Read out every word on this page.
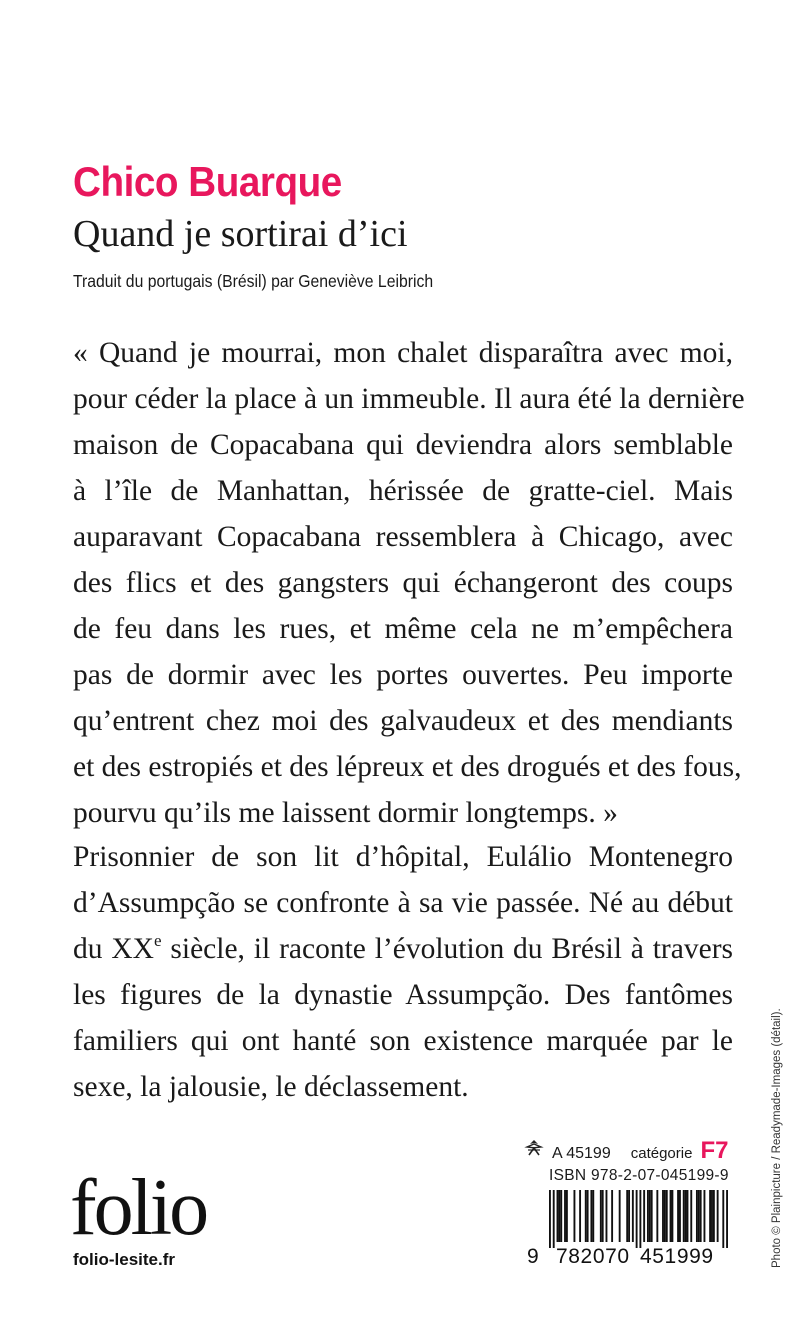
Chico Buarque
Quand je sortirai d’ici
Traduit du portugais (Brésil) par Geneviève Leibrich
« Quand je mourrai, mon chalet disparaîtra avec moi,
pour céder la place à un immeuble. Il aura été la dernière
maison de Copacabana qui deviendra alors semblable
à l’île de Manhattan, hérissée de gratte-ciel. Mais
auparavant Copacabana ressemblera à Chicago, avec
des flics et des gangsters qui échangeront des coups
de feu dans les rues, et même cela ne m’empêchera
pas de dormir avec les portes ouvertes. Peu importe
qu’entrent chez moi des galvaudeux et des mendiants
et des estropiés et des lépreux et des drogués et des fous,
pourvu qu’ils me laissent dormir longtemps. »
Prisonnier de son lit d’hôpital, Eulálio Montenegro
d’Assumpção se confronte à sa vie passée. Né au début
du XXe siècle, il raconte l’évolution du Brésil à travers
les figures de la dynastie Assumpção. Des fantômes
familiers qui ont hanté son existence marquée par le
sexe, la jalousie, le déclassement.
folio
folio-lesite.fr
A 45199 catégorie F7
ISBN 978-2-07-045199-9
9 782070 451999	Photo © Plainpicture / Readymade-Images (détail).
